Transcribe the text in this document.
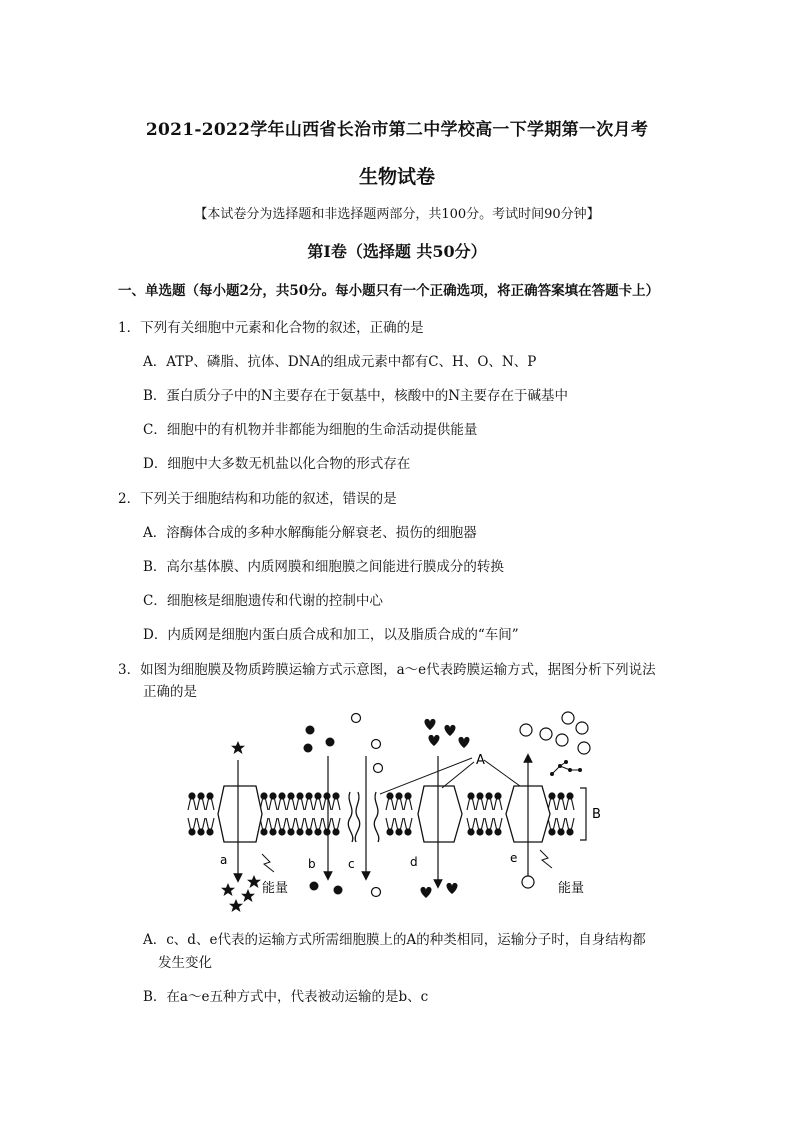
2021-2022学年山西省长治市第二中学校高一下学期第一次月考
生物试卷
【本试卷分为选择题和非选择题两部分，共100分。考试时间90分钟】
第Ⅰ卷（选择题 共50分）
一、单选题（每小题2分，共50分。每小题只有一个正确选项，将正确答案填在答题卡上）
1．下列有关细胞中元素和化合物的叙述，正确的是
A．ATP、磷脂、抗体、DNA的组成元素中都有C、H、O、N、P
B．蛋白质分子中的N主要存在于氨基中，核酸中的N主要存在于碱基中
C．细胞中的有机物并非都能为细胞的生命活动提供能量
D．细胞中大多数无机盐以化合物的形式存在
2．下列关于细胞结构和功能的叙述，错误的是
A．溶酶体合成的多种水解酶能分解衰老、损伤的细胞器
B．高尔基体膜、内质网膜和细胞膜之间能进行膜成分的转换
C．细胞核是细胞遗传和代谢的控制中心
D．内质网是细胞内蛋白质合成和加工，以及脂质合成的“车间”
3．如图为细胞膜及物质跨膜运输方式示意图，a～e代表跨膜运输方式，据图分析下列说法
正确的是
B
A
a
能量
b	c	d	e
能量
A．c、d、e代表的运输方式所需细胞膜上的A的种类相同，运输分子时，自身结构都
发生变化
B．在a～e五种方式中，代表被动运输的是b、c
